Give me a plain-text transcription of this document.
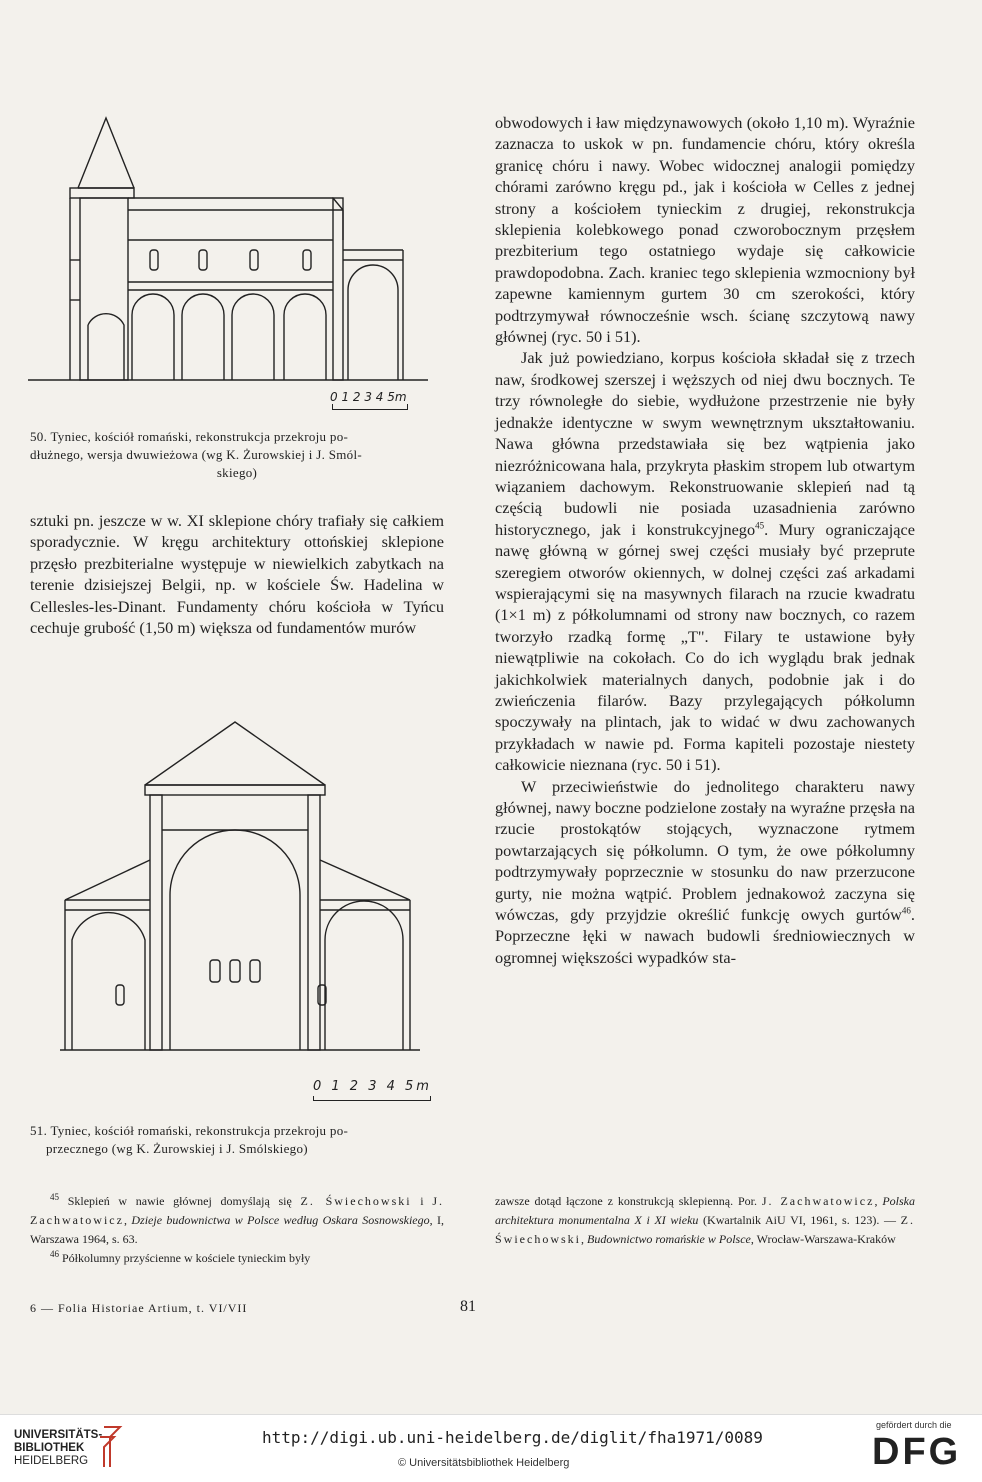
0 1 2 3 4 5m
50. Tyniec, kościół romański, rekonstrukcja przekroju po-
dłużnego, wersja dwuwieżowa (wg K. Żurowskiej i J. Smól-
skiego)

sztuki pn. jeszcze w w. XI sklepione chóry trafiały się całkiem sporadycznie. W kręgu architektury ottońskiej sklepione przęsło prezbiterialne występuje w niewielkich zabytkach na terenie dzisiejszej Belgii, np. w kościele Św. Hadelina w Cellesles-les-Dinant. Fundamenty chóru kościoła w Tyńcu cechuje grubość (1,50 m) większa od fundamentów murów

0 1 2 3 4 5m
51. Tyniec, kościół romański, rekonstrukcja przekroju po-
przecznego (wg K. Żurowskiej i J. Smólskiego)

obwodowych i ław międzynawowych (około 1,10 m). Wyraźnie zaznacza to uskok w pn. fundamencie chóru, który określa granicę chóru i nawy. Wobec widocznej analogii pomiędzy chórami zarówno kręgu pd., jak i kościoła w Celles z jednej strony a kościołem tynieckim z drugiej, rekonstrukcja sklepienia kolebkowego ponad czworobocznym przęsłem prezbiterium tego ostatniego wydaje się całkowicie prawdopodobna. Zach. kraniec tego sklepienia wzmocniony był zapewne kamiennym gurtem 30 cm szerokości, który podtrzymywał równocześnie wsch. ścianę szczytową nawy głównej (ryc. 50 i 51).

Jak już powiedziano, korpus kościoła składał się z trzech naw, środkowej szerszej i węższych od niej dwu bocznych. Te trzy równoległe do siebie, wydłużone przestrzenie nie były jednakże identyczne w swym wewnętrznym ukształtowaniu. Nawa główna przedstawiała się bez wątpienia jako niezróżnicowana hala, przykryta płaskim stropem lub otwartym wiązaniem dachowym. Rekonstruowanie sklepień nad tą częścią budowli nie posiada uzasadnienia zarówno historycznego, jak i konstrukcyjnego$^{45}$. Mury ograniczające nawę główną w górnej swej części musiały być przeprute szeregiem otworów okiennych, w dolnej części zaś arkadami wspierającymi się na masywnych filarach na rzucie kwadratu (1×1 m) z półkolumnami od strony naw bocznych, co razem tworzyło rzadką formę „T". Filary te ustawione były niewątpliwie na cokołach. Co do ich wyglądu brak jednak jakichkolwiek materialnych danych, podobnie jak i do zwieńczenia filarów. Bazy przylegających półkolumn spoczywały na plintach, jak to widać w dwu zachowanych przykładach w nawie pd. Forma kapiteli pozostaje niestety całkowicie nieznana (ryc. 50 i 51).

W przeciwieństwie do jednolitego charakteru nawy głównej, nawy boczne podzielone zostały na wyraźne przęsła na rzucie prostokątów stojących, wyznaczone rytmem powtarzających się półkolumn. O tym, że owe półkolumny podtrzymywały poprzecznie w stosunku do naw przerzucone gurty, nie można wątpić. Problem jednakowoż zaczyna się wówczas, gdy przyjdzie określić funkcję owych gurtów$^{46}$. Poprzeczne łęki w nawach budowli średniowiecznych w ogromnej większości wypadków sta-

$^{45}$ Sklepień w nawie głównej domyślają się Z. Świechowski i J. Zachwatowicz, Dzieje budownictwa w Polsce według Oskara Sosnowskiego, I, Warszawa 1964, s. 63.

$^{46}$ Półkolumny przyścienne w kościele tynieckim były

zawsze dotąd łączone z konstrukcją sklepienną. Por. J. Zachwatowicz, Polska architektura monumentalna X i XI wieku (Kwartalnik AiU VI, 1961, s. 123). — Z. Świechowski, Budownictwo romańskie w Polsce, Wrocław-Warszawa-Kraków

6 — Folia Historiae Artium, t. VI/VII	81
UNIVERSITÄTS-
BIBLIOTHEK
HEIDELBERG
http://digi.ub.uni-heidelberg.de/diglit/fha1971/0089
© Universitätsbibliothek Heidelberg
gefördert durch die
DFG
